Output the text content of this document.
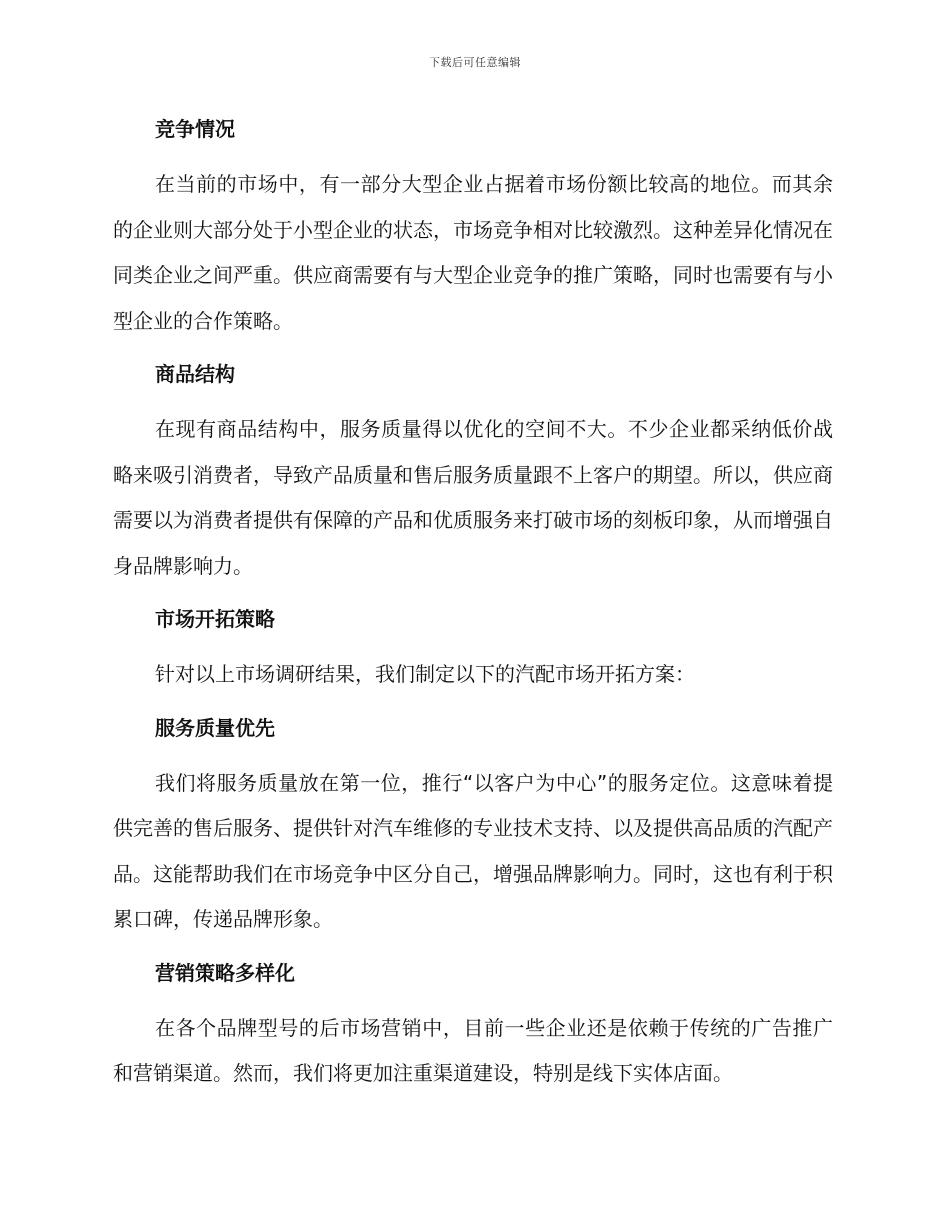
下载后可任意编辑
竞争情况

在当前的市场中，有一部分大型企业占据着市场份额比较高的地位。而其余的企业则大部分处于小型企业的状态，市场竞争相对比较激烈。这种差异化情况在同类企业之间严重。供应商需要有与大型企业竞争的推广策略，同时也需要有与小型企业的合作策略。

商品结构

在现有商品结构中，服务质量得以优化的空间不大。不少企业都采纳低价战略来吸引消费者，导致产品质量和售后服务质量跟不上客户的期望。所以，供应商需要以为消费者提供有保障的产品和优质服务来打破市场的刻板印象，从而增强自身品牌影响力。

市场开拓策略

针对以上市场调研结果，我们制定以下的汽配市场开拓方案：

服务质量优先

我们将服务质量放在第一位，推行“以客户为中心”的服务定位。这意味着提供完善的售后服务、提供针对汽车维修的专业技术支持、以及提供高品质的汽配产品。这能帮助我们在市场竞争中区分自己，增强品牌影响力。同时，这也有利于积累口碑，传递品牌形象。

营销策略多样化

在各个品牌型号的后市场营销中，目前一些企业还是依赖于传统的广告推广和营销渠道。然而，我们将更加注重渠道建设，特别是线下实体店面。
